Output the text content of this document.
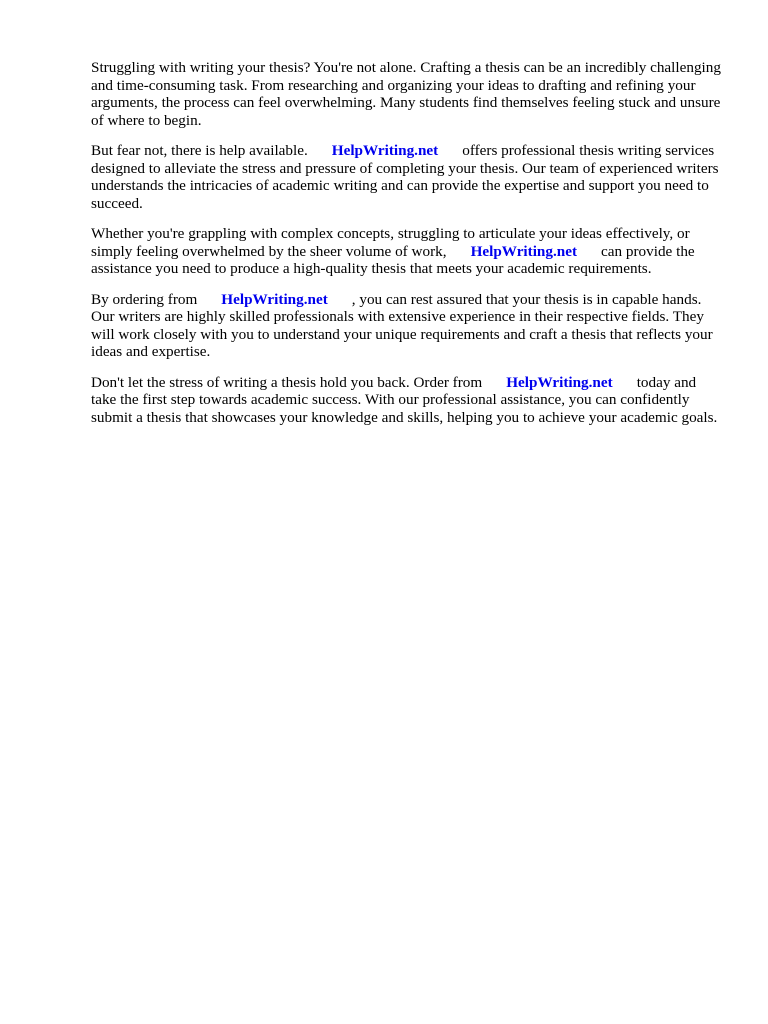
Struggling with writing your thesis? You're not alone. Crafting a thesis can be an incredibly challenging and time-consuming task. From researching and organizing your ideas to drafting and refining your arguments, the process can feel overwhelming. Many students find themselves feeling stuck and unsure of where to begin.

But fear not, there is help available. HelpWriting.net offers professional thesis writing services designed to alleviate the stress and pressure of completing your thesis. Our team of experienced writers understands the intricacies of academic writing and can provide the expertise and support you need to succeed.

Whether you're grappling with complex concepts, struggling to articulate your ideas effectively, or simply feeling overwhelmed by the sheer volume of work, HelpWriting.net can provide the assistance you need to produce a high-quality thesis that meets your academic requirements.

By ordering from HelpWriting.net , you can rest assured that your thesis is in capable hands. Our writers are highly skilled professionals with extensive experience in their respective fields. They will work closely with you to understand your unique requirements and craft a thesis that reflects your ideas and expertise.

Don't let the stress of writing a thesis hold you back. Order from HelpWriting.net today and take the first step towards academic success. With our professional assistance, you can confidently submit a thesis that showcases your knowledge and skills, helping you to achieve your academic goals.
